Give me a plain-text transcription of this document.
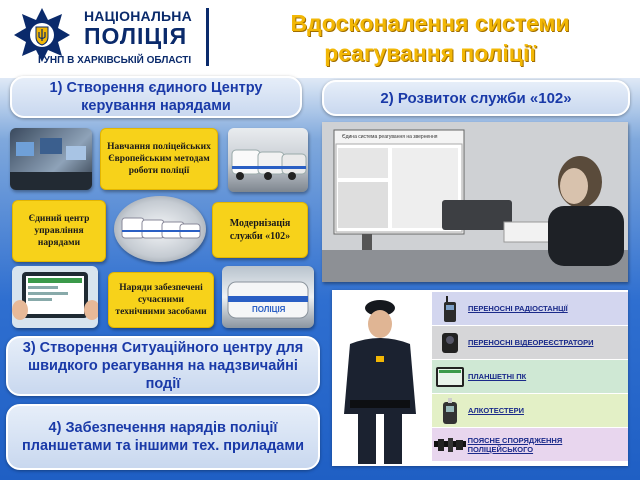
НАЦІОНАЛЬНА
ПОЛІЦІЯ
ГУНП В ХАРКІВСЬКІЙ ОБЛАСТІ
Вдосконалення системи реагування поліції
1) Створення єдиного Центру керування нарядами	2) Розвиток служби «102»
Навчання поліцейських Європейським методам роботи поліції
Єдиний центр управління нарядами
Модернізація служби «102»
Наряди забезпечені сучасними технічними засобами	ПОЛІЦІЯ
Єдина система реагування на звернення
ПЕРЕНОСНІ РАДІОСТАНЦІЇ
ПЕРЕНОСНІ ВІДЕОРЕЄСТРАТОРИ
ПЛАНШЕТНІ ПК
АЛКОТЕСТЕРИ
ПОЯСНЕ СПОРЯДЖЕННЯ ПОЛІЦЕЙСЬКОГО
3) Створення Ситуаційного центру для швидкого реагування на надзвичайні події
4) Забезпечення нарядів поліції планшетами та іншими тех. приладами
